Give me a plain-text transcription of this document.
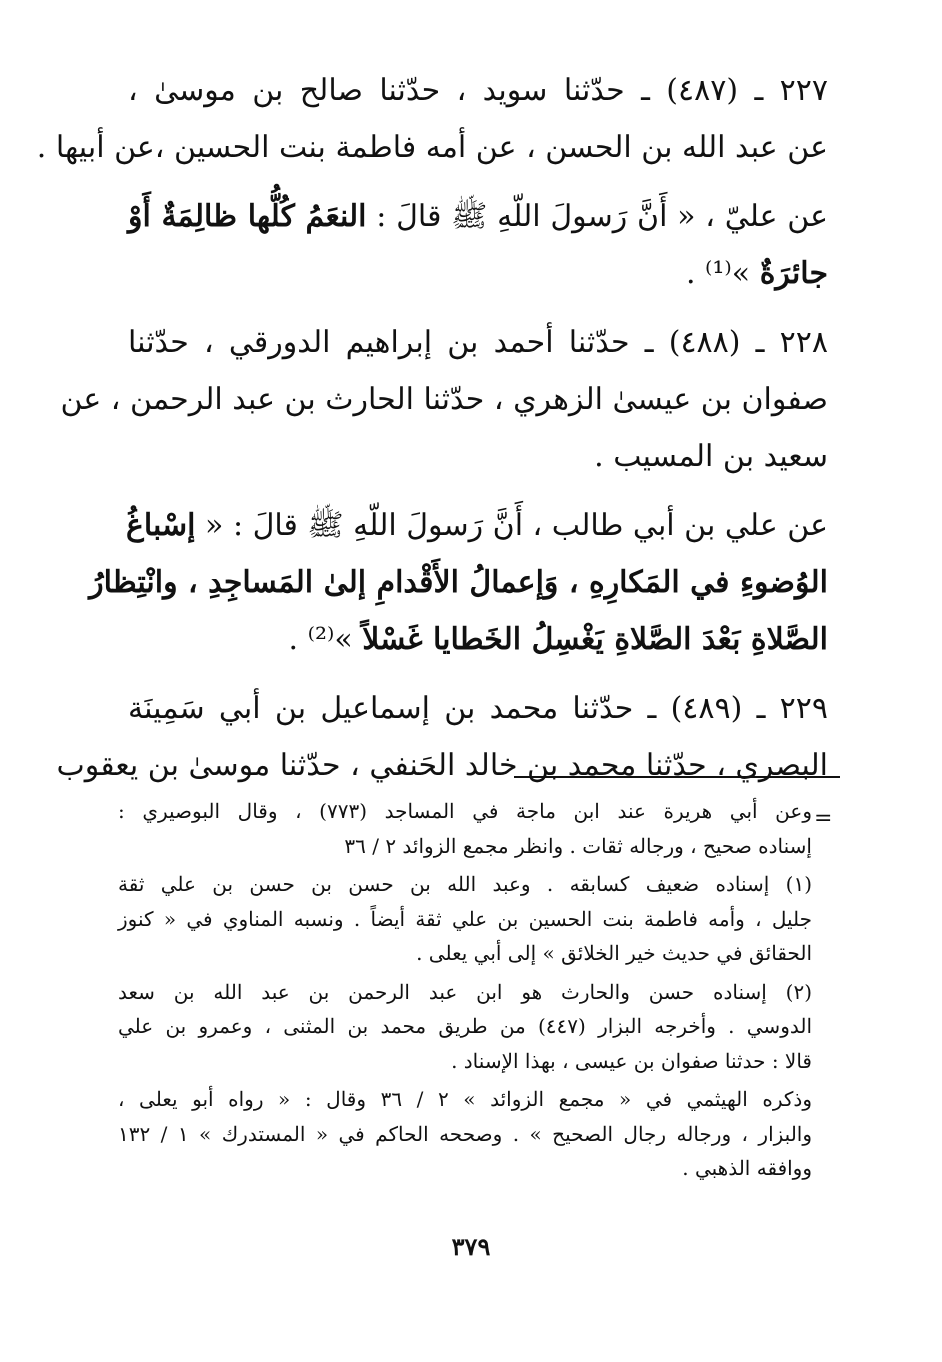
٢٢٧ ـ (٤٨٧) ـ حدّثنا سويد ، حدّثنا صالح بن موسىٰ ،
عن عبد الله بن الحسن ، عن أمه فاطمة بنت الحسين ،عن أبيها .
عن عليّ ، « أَنَّ رَسولَ اللّهِ ﷺ قالَ : النعَمُ كُلُّها ظالِمَةٌ أَوْ
جائرَةٌ »⁽¹⁾ .
٢٢٨ ـ (٤٨٨) ـ حدّثنا أحمد بن إبراهيم الدورقي ، حدّثنا
صفوان بن عيسىٰ الزهري ، حدّثنا الحارث بن عبد الرحمن ، عن
سعيد بن المسيب .
عن علي بن أبي طالب ، أَنَّ رَسولَ اللّهِ ﷺ قالَ : « إسْباغُ
الوُضوءِ في المَكارِهِ ، وَإعمالُ الأَقْدامِ إلىٰ المَساجِدِ ، وانْتِظارُ
الصَّلاةِ بَعْدَ الصَّلاةِ يَغْسِلُ الخَطايا غَسْلاً »⁽²⁾ .
٢٢٩ ـ (٤٨٩) ـ حدّثنا محمد بن إسماعيل بن أبي سَمِينَة
البصري ، حدّثنا محمد بن خالد الحَنفي ، حدّثنا موسىٰ بن يعقوب
=
وعن أبي هريرة عند ابن ماجة في المساجد (٧٧٣) ، وقال البوصيري :
إسناده صحيح ، ورجاله ثقات . وانظر مجمع الزوائد ٢ / ٣٦
(١) إسناده ضعيف كسابقه . وعبد الله بن حسن بن حسن بن علي ثقة
جليل ، وأمه فاطمة بنت الحسين بن علي ثقة أيضاً . ونسبه المناوي في « كنوز
الحقائق في حديث خير الخلائق » إلى أبي يعلى .
(٢) إسناده حسن والحارث هو ابن عبد الرحمن بن عبد الله بن سعد
الدوسي . وأخرجه البزار (٤٤٧) من طريق محمد بن المثنى ، وعمرو بن علي
قالا : حدثنا صفوان بن عيسى ، بهذا الإسناد .
وذكره الهيثمي في « مجمع الزوائد » ٢ / ٣٦ وقال : « رواه أبو يعلى ،
والبزار ، ورجاله رجال الصحيح » . وصححه الحاكم في « المستدرك » ١ / ١٣٢
ووافقه الذهبي .
٣٧٩
